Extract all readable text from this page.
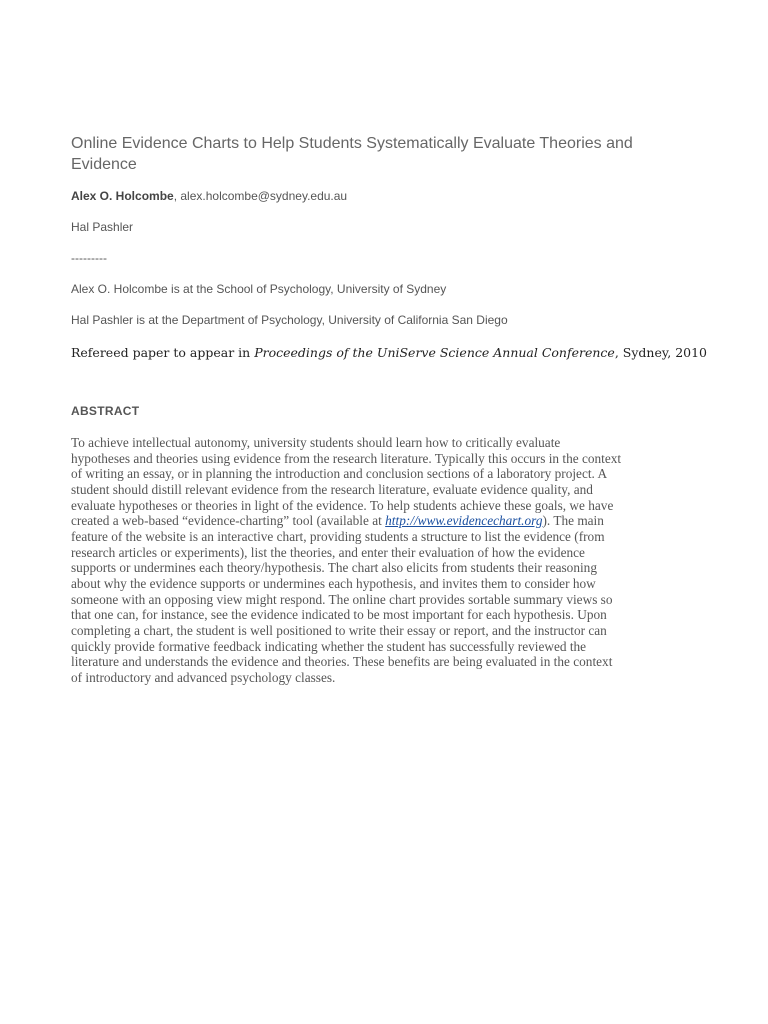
Online Evidence Charts to Help Students Systematically Evaluate Theories and Evidence
Alex O. Holcombe, alex.holcombe@sydney.edu.au
Hal Pashler
---------
Alex O. Holcombe is at the School of Psychology, University of Sydney
Hal Pashler is at the Department of Psychology, University of California San Diego
Refereed paper to appear in Proceedings of the UniServe Science Annual Conference, Sydney, 2010
ABSTRACT
To achieve intellectual autonomy, university students should learn how to critically evaluate
hypotheses and theories using evidence from the research literature. Typically this occurs in the context
of writing an essay, or in planning the introduction and conclusion sections of a laboratory project. A
student should distill relevant evidence from the research literature, evaluate evidence quality, and
evaluate hypotheses or theories in light of the evidence. To help students achieve these goals, we have
created a web-based “evidence-charting” tool (available at http://www.evidencechart.org). The main
feature of the website is an interactive chart, providing students a structure to list the evidence (from
research articles or experiments), list the theories, and enter their evaluation of how the evidence
supports or undermines each theory/hypothesis. The chart also elicits from students their reasoning
about why the evidence supports or undermines each hypothesis, and invites them to consider how
someone with an opposing view might respond. The online chart provides sortable summary views so
that one can, for instance, see the evidence indicated to be most important for each hypothesis. Upon
completing a chart, the student is well positioned to write their essay or report, and the instructor can
quickly provide formative feedback indicating whether the student has successfully reviewed the
literature and understands the evidence and theories. These benefits are being evaluated in the context
of introductory and advanced psychology classes.
